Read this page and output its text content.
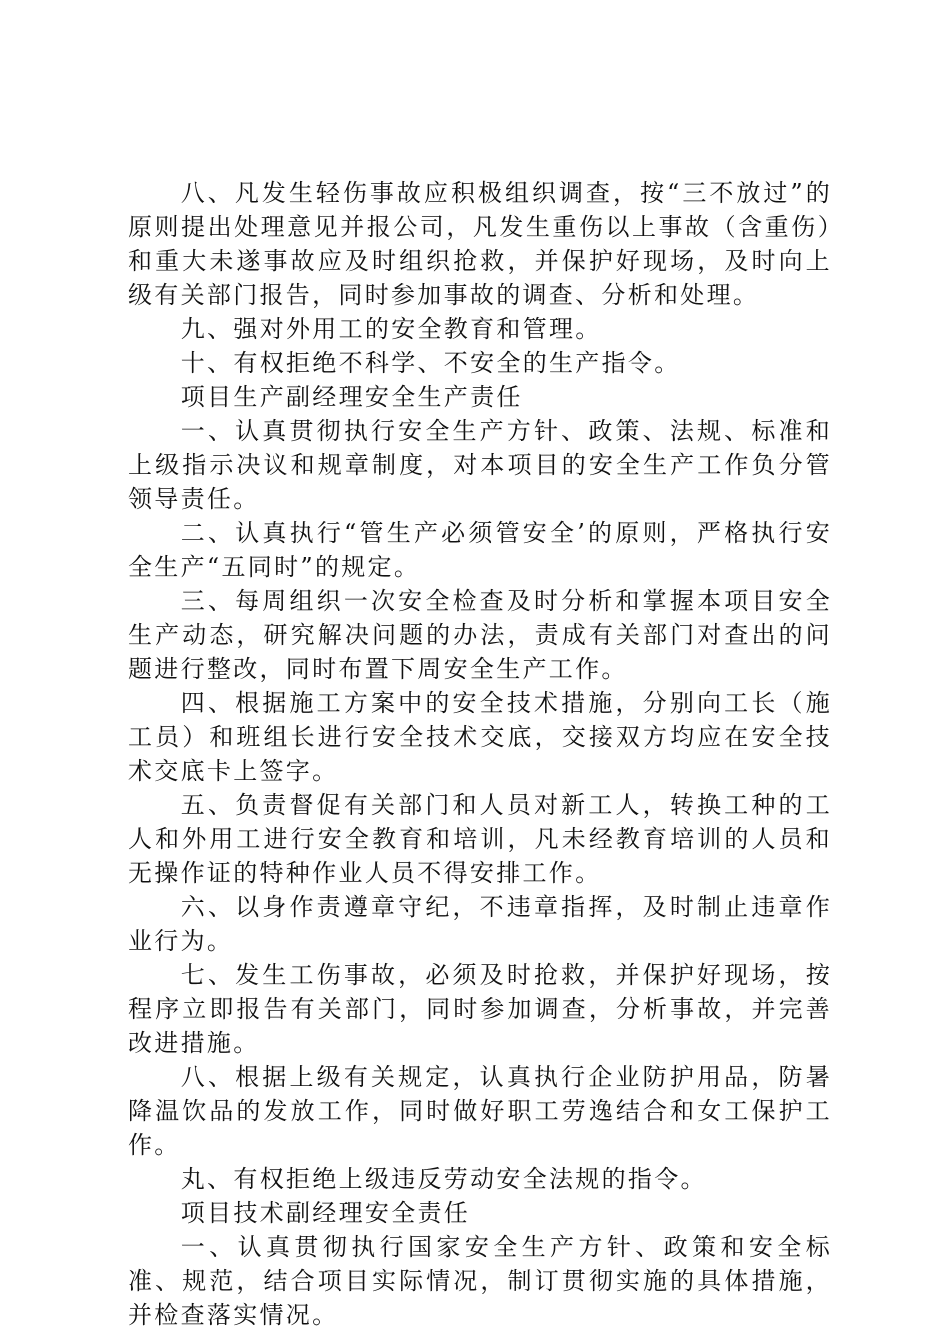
八、凡发生轻伤事故应积极组织调查，按“三不放过”的原则提出处理意见并报公司，凡发生重伤以上事故（含重伤）和重大未遂事故应及时组织抢救，并保护好现场，及时向上级有关部门报告，同时参加事故的调查、分析和处理。

九、强对外用工的安全教育和管理。

十、有权拒绝不科学、不安全的生产指令。

项目生产副经理安全生产责任

一、认真贯彻执行安全生产方针、政策、法规、标准和上级指示决议和规章制度，对本项目的安全生产工作负分管领导责任。

二、认真执行“管生产必须管安全’的原则，严格执行安全生产“五同时”的规定。

三、每周组织一次安全检查及时分析和掌握本项目安全生产动态，研究解决问题的办法，责成有关部门对查出的问题进行整改，同时布置下周安全生产工作。

四、根据施工方案中的安全技术措施，分别向工长（施工员）和班组长进行安全技术交底，交接双方均应在安全技术交底卡上签字。

五、负责督促有关部门和人员对新工人，转换工种的工人和外用工进行安全教育和培训，凡未经教育培训的人员和无操作证的特种作业人员不得安排工作。

六、以身作责遵章守纪，不违章指挥，及时制止违章作业行为。

七、发生工伤事故，必须及时抢救，并保护好现场，按程序立即报告有关部门，同时参加调查，分析事故，并完善改进措施。

八、根据上级有关规定，认真执行企业防护用品，防暑降温饮品的发放工作，同时做好职工劳逸结合和女工保护工作。

丸、有权拒绝上级违反劳动安全法规的指令。

项目技术副经理安全责任

一、认真贯彻执行国家安全生产方针、政策和安全标准、规范，结合项目实际情况，制订贯彻实施的具体措施，并检查落实情况。
